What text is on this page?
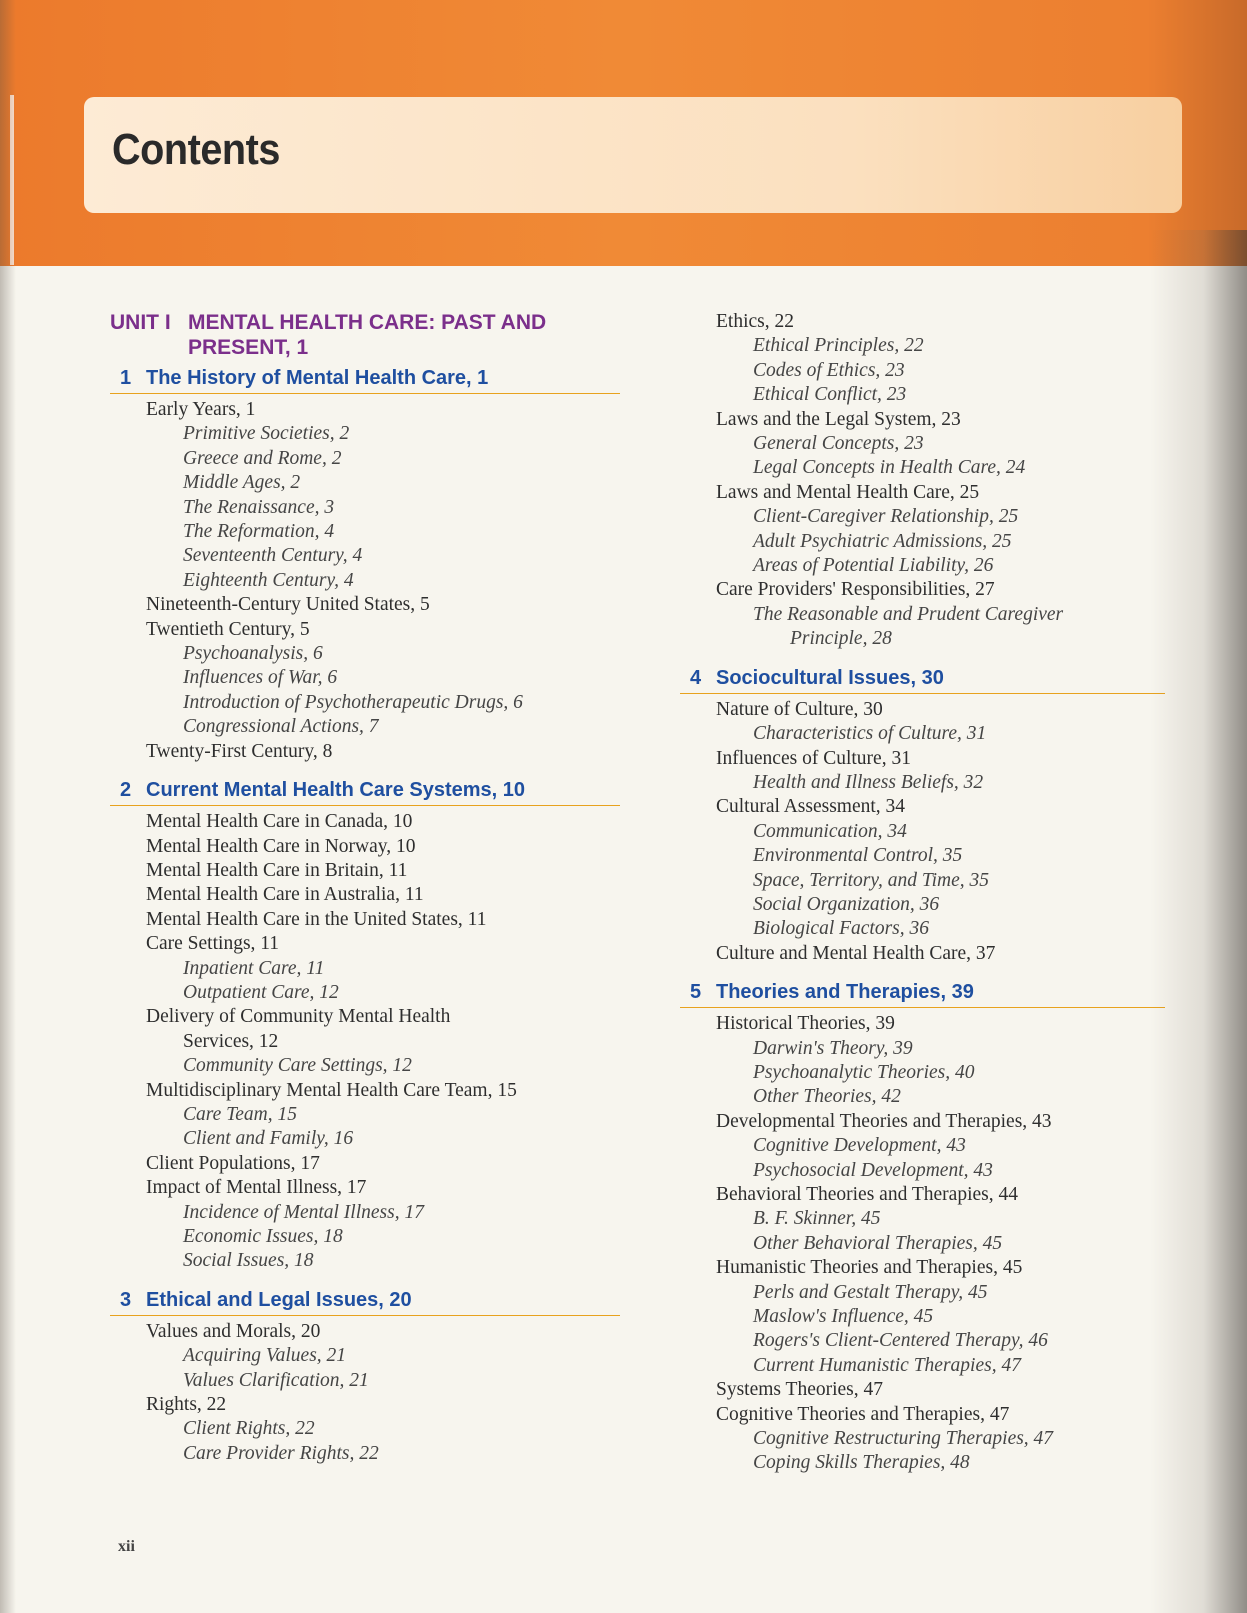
Contents
UNIT I MENTAL HEALTH CARE: PAST AND PRESENT, 1
1 The History of Mental Health Care, 1
Early Years, 1
Primitive Societies, 2
Greece and Rome, 2
Middle Ages, 2
The Renaissance, 3
The Reformation, 4
Seventeenth Century, 4
Eighteenth Century, 4
Nineteenth-Century United States, 5
Twentieth Century, 5
Psychoanalysis, 6
Influences of War, 6
Introduction of Psychotherapeutic Drugs, 6
Congressional Actions, 7
Twenty-First Century, 8
2 Current Mental Health Care Systems, 10
Mental Health Care in Canada, 10
Mental Health Care in Norway, 10
Mental Health Care in Britain, 11
Mental Health Care in Australia, 11
Mental Health Care in the United States, 11
Care Settings, 11
Inpatient Care, 11
Outpatient Care, 12
Delivery of Community Mental Health
Services, 12
Community Care Settings, 12
Multidisciplinary Mental Health Care Team, 15
Care Team, 15
Client and Family, 16
Client Populations, 17
Impact of Mental Illness, 17
Incidence of Mental Illness, 17
Economic Issues, 18
Social Issues, 18
3 Ethical and Legal Issues, 20
Values and Morals, 20
Acquiring Values, 21
Values Clarification, 21
Rights, 22
Client Rights, 22
Care Provider Rights, 22
Ethics, 22
Ethical Principles, 22
Codes of Ethics, 23
Ethical Conflict, 23
Laws and the Legal System, 23
General Concepts, 23
Legal Concepts in Health Care, 24
Laws and Mental Health Care, 25
Client-Caregiver Relationship, 25
Adult Psychiatric Admissions, 25
Areas of Potential Liability, 26
Care Providers' Responsibilities, 27
The Reasonable and Prudent Caregiver
Principle, 28
4 Sociocultural Issues, 30
Nature of Culture, 30
Characteristics of Culture, 31
Influences of Culture, 31
Health and Illness Beliefs, 32
Cultural Assessment, 34
Communication, 34
Environmental Control, 35
Space, Territory, and Time, 35
Social Organization, 36
Biological Factors, 36
Culture and Mental Health Care, 37
5 Theories and Therapies, 39
Historical Theories, 39
Darwin's Theory, 39
Psychoanalytic Theories, 40
Other Theories, 42
Developmental Theories and Therapies, 43
Cognitive Development, 43
Psychosocial Development, 43
Behavioral Theories and Therapies, 44
B. F. Skinner, 45
Other Behavioral Therapies, 45
Humanistic Theories and Therapies, 45
Perls and Gestalt Therapy, 45
Maslow's Influence, 45
Rogers's Client-Centered Therapy, 46
Current Humanistic Therapies, 47
Systems Theories, 47
Cognitive Theories and Therapies, 47
Cognitive Restructuring Therapies, 47
Coping Skills Therapies, 48
xii
